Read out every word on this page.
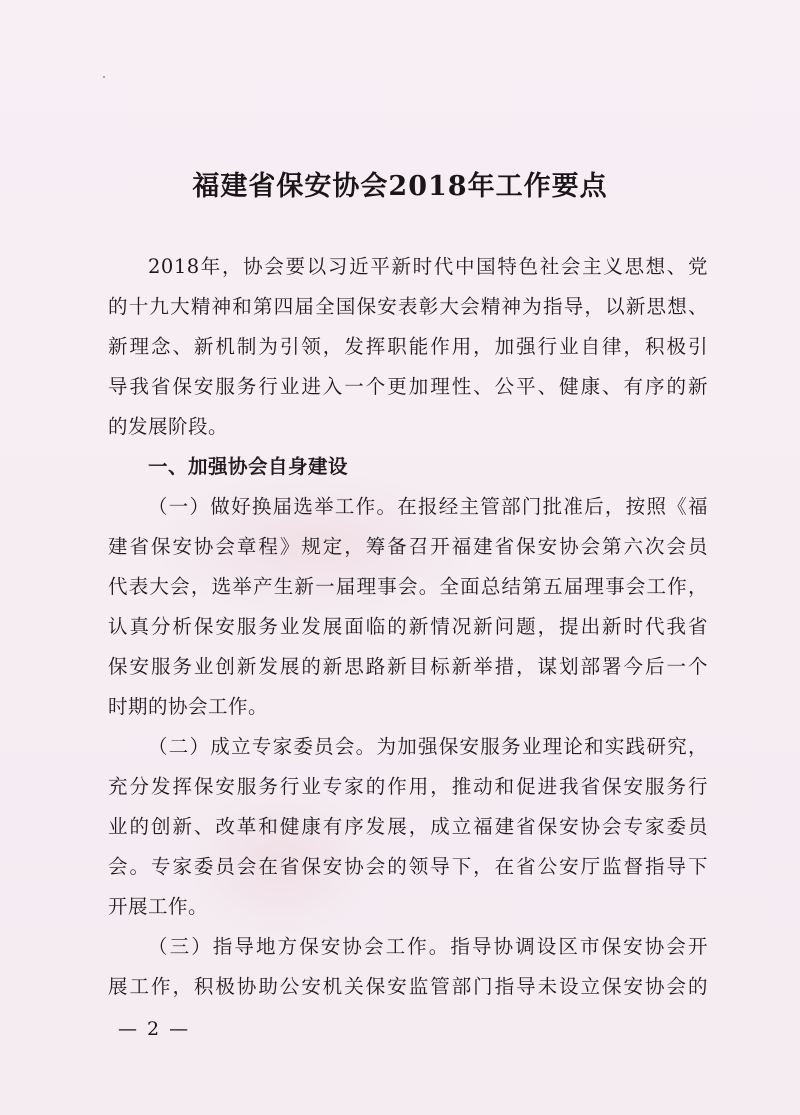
福建省保安协会2018年工作要点
2018年，协会要以习近平新时代中国特色社会主义思想、党
的十九大精神和第四届全国保安表彰大会精神为指导，以新思想、
新理念、新机制为引领，发挥职能作用，加强行业自律，积极引
导我省保安服务行业进入一个更加理性、公平、健康、有序的新
的发展阶段。
一、加强协会自身建设
（一）做好换届选举工作。在报经主管部门批准后，按照《福
建省保安协会章程》规定，筹备召开福建省保安协会第六次会员
代表大会，选举产生新一届理事会。全面总结第五届理事会工作，
认真分析保安服务业发展面临的新情况新问题，提出新时代我省
保安服务业创新发展的新思路新目标新举措，谋划部署今后一个
时期的协会工作。
（二）成立专家委员会。为加强保安服务业理论和实践研究，
充分发挥保安服务行业专家的作用，推动和促进我省保安服务行
业的创新、改革和健康有序发展，成立福建省保安协会专家委员
会。专家委员会在省保安协会的领导下，在省公安厅监督指导下
开展工作。
（三）指导地方保安协会工作。指导协调设区市保安协会开
展工作，积极协助公安机关保安监管部门指导未设立保安协会的
— 2 —
